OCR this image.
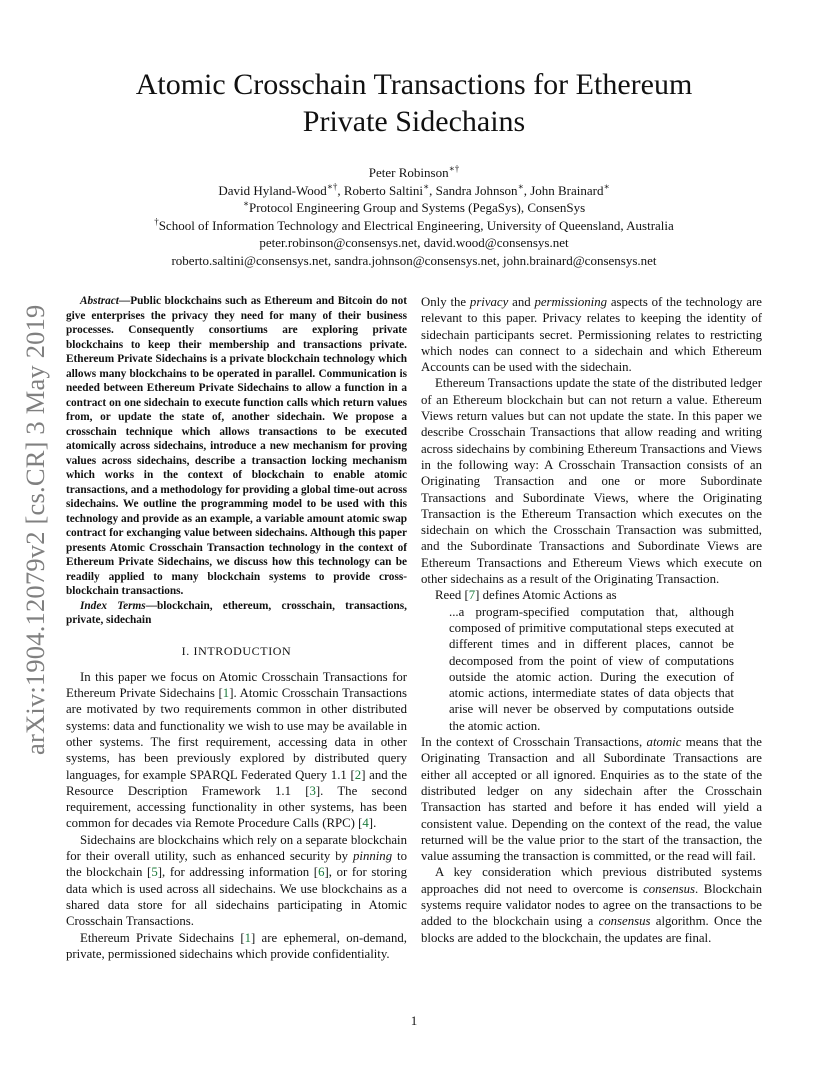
Atomic Crosschain Transactions for Ethereum
Private Sidechains
Peter Robinson∗†
David Hyland-Wood∗†, Roberto Saltini∗, Sandra Johnson∗, John Brainard∗
∗Protocol Engineering Group and Systems (PegaSys), ConsenSys
†School of Information Technology and Electrical Engineering, University of Queensland, Australia
peter.robinson@consensys.net, david.wood@consensys.net
roberto.saltini@consensys.net, sandra.johnson@consensys.net, john.brainard@consensys.net
arXiv:1904.12079v2 [cs.CR] 3 May 2019

Abstract—Public blockchains such as Ethereum and Bitcoin do not give enterprises the privacy they need for many of their business processes. Consequently consortiums are exploring private blockchains to keep their membership and transactions private. Ethereum Private Sidechains is a private blockchain technology which allows many blockchains to be operated in parallel. Communication is needed between Ethereum Private Sidechains to allow a function in a contract on one sidechain to execute function calls which return values from, or update the state of, another sidechain. We propose a crosschain technique which allows transactions to be executed atomically across sidechains, introduce a new mechanism for proving values across sidechains, describe a transaction locking mechanism which works in the context of blockchain to enable atomic transactions, and a methodology for providing a global time-out across sidechains. We outline the programming model to be used with this technology and provide as an example, a variable amount atomic swap contract for exchanging value between sidechains. Although this paper presents Atomic Crosschain Transaction technology in the context of Ethereum Private Sidechains, we discuss how this technology can be readily applied to many blockchain systems to provide cross-blockchain transactions.

Index Terms—blockchain, ethereum, crosschain, transactions, private, sidechain

I. INTRODUCTION

In this paper we focus on Atomic Crosschain Transactions for Ethereum Private Sidechains [ 1 ] . Atomic Crosschain Transactions are motivated by two requirements common in other distributed systems: data and functionality we wish to use may be available in other systems. The first requirement, accessing data in other systems, has been previously explored by distributed query languages, for example SPARQL Federated Query 1.1 [ 2 ] and the Resource Description Framework 1.1 [ 3 ] . The second requirement, accessing functionality in other systems, has been common for decades via Remote Procedure Calls (RPC) [ 4 ] .

Sidechains are blockchains which rely on a separate blockchain for their overall utility, such as enhanced security by pinning to the blockchain [ 5 ] , for addressing information [ 6 ] , or for storing data which is used across all sidechains. We use blockchains as a shared data store for all sidechains participating in Atomic Crosschain Transactions.

Ethereum Private Sidechains [ 1 ] are ephemeral, on-demand, private, permissioned sidechains which provide confidentiality.

Only the privacy and permissioning aspects of the technology are relevant to this paper. Privacy relates to keeping the identity of sidechain participants secret. Permissioning relates to restricting which nodes can connect to a sidechain and which Ethereum Accounts can be used with the sidechain.

Ethereum Transactions update the state of the distributed ledger of an Ethereum blockchain but can not return a value. Ethereum Views return values but can not update the state. In this paper we describe Crosschain Transactions that allow reading and writing across sidechains by combining Ethereum Transactions and Views in the following way: A Crosschain Transaction consists of an Originating Transaction and one or more Subordinate Transactions and Subordinate Views, where the Originating Transaction is the Ethereum Transaction which executes on the sidechain on which the Crosschain Transaction was submitted, and the Subordinate Transactions and Subordinate Views are Ethereum Transactions and Ethereum Views which execute on other sidechains as a result of the Originating Transaction.

Reed [ 7 ] defines Atomic Actions as

...a program-specified computation that, although composed of primitive computational steps executed at different times and in different places, cannot be decomposed from the point of view of computations outside the atomic action. During the execution of atomic actions, intermediate states of data objects that arise will never be observed by computations outside the atomic action.

In the context of Crosschain Transactions, atomic means that the Originating Transaction and all Subordinate Transactions are either all accepted or all ignored. Enquiries as to the state of the distributed ledger on any sidechain after the Crosschain Transaction has started and before it has ended will yield a consistent value. Depending on the context of the read, the value returned will be the value prior to the start of the transaction, the value assuming the transaction is committed, or the read will fail.

A key consideration which previous distributed systems approaches did not need to overcome is consensus. Blockchain systems require validator nodes to agree on the transactions to be added to the blockchain using a consensus algorithm. Once the blocks are added to the blockchain, the updates are final.

1
